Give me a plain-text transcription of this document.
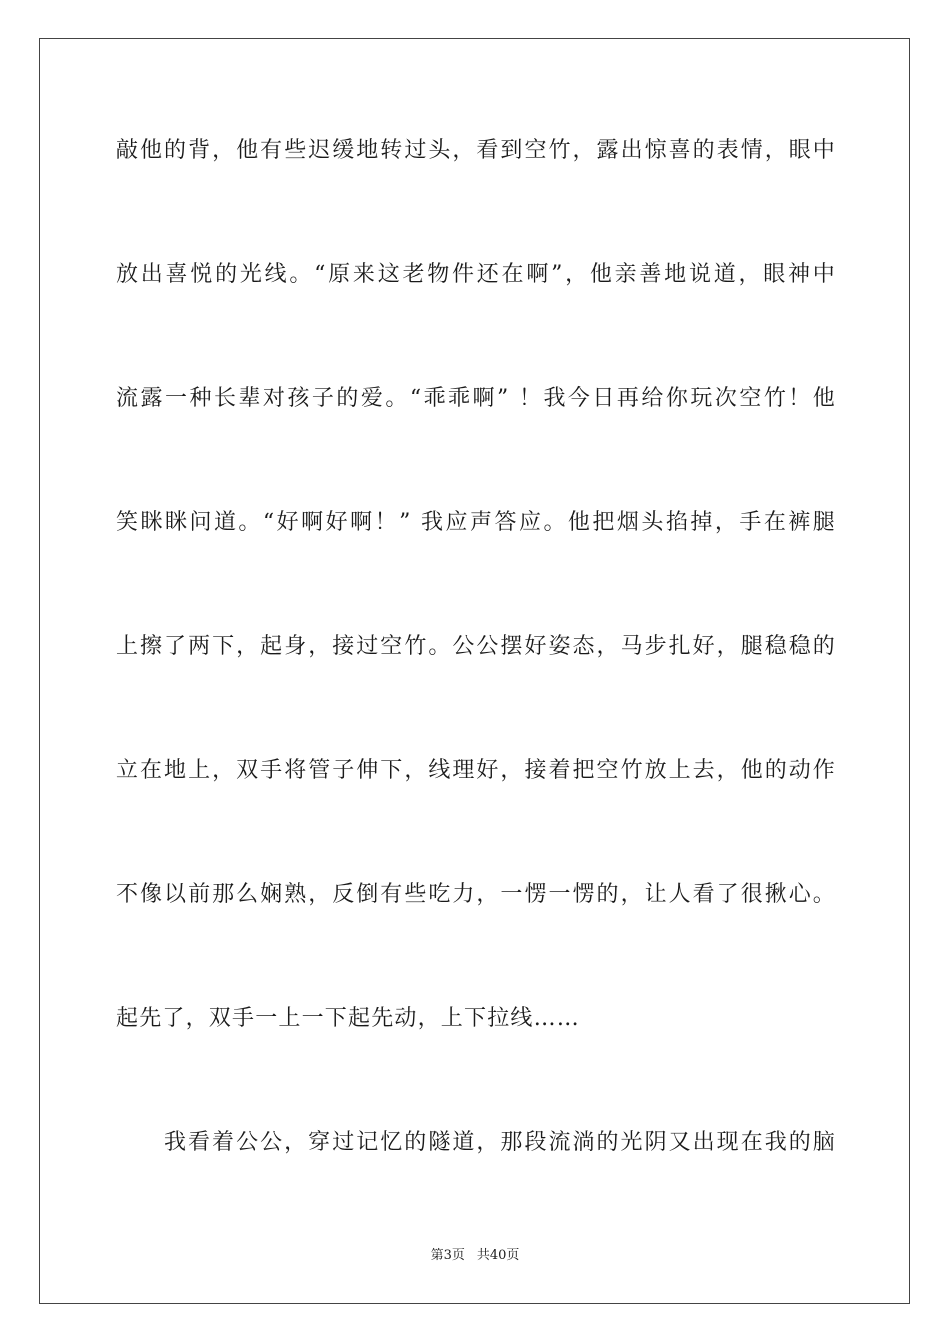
敲他的背，他有些迟缓地转过头，看到空竹，露出惊喜的表情，眼中
放出喜悦的光线。“原来这老物件还在啊”，他亲善地说道，眼神中
流露一种长辈对孩子的爱。“乖乖啊” ！我今日再给你玩次空竹！他
笑眯眯问道。“好啊好啊！” 我应声答应。他把烟头掐掉，手在裤腿
上擦了两下，起身，接过空竹。公公摆好姿态，马步扎好，腿稳稳的
立在地上，双手将管子伸下，线理好，接着把空竹放上去，他的动作
不像以前那么娴熟，反倒有些吃力，一愣一愣的，让人看了很揪心。
起先了，双手一上一下起先动，上下拉线……
我看着公公，穿过记忆的隧道，那段流淌的光阴又出现在我的脑
第3页 共40页
